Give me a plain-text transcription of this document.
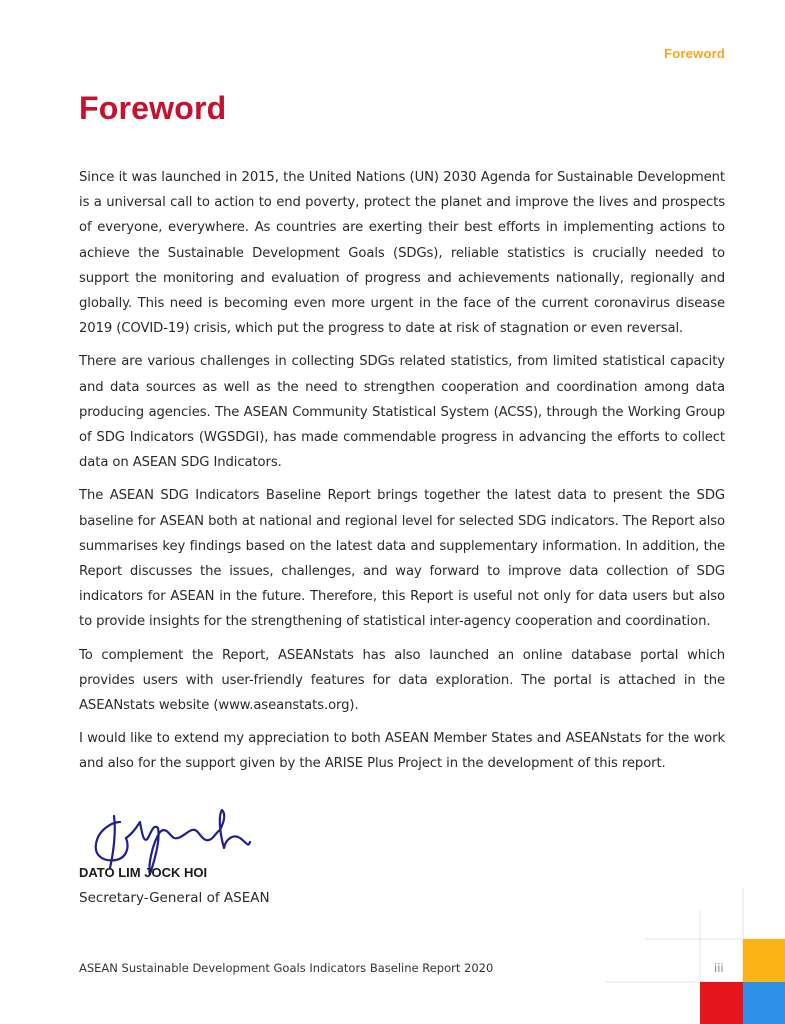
Foreword
Foreword

Since it was launched in 2015, the United Nations (UN) 2030 Agenda for Sustainable Development is a universal call to action to end poverty, protect the planet and improve the lives and prospects of everyone, everywhere. As countries are exerting their best efforts in implementing actions to achieve the Sustainable Development Goals (SDGs), reliable statistics is crucially needed to support the monitoring and evaluation of progress and achievements nationally, regionally and globally. This need is becoming even more urgent in the face of the current coronavirus disease 2019 (COVID-19) crisis, which put the progress to date at risk of stagnation or even reversal.

There are various challenges in collecting SDGs related statistics, from limited statistical capacity and data sources as well as the need to strengthen cooperation and coordination among data producing agencies. The ASEAN Community Statistical System (ACSS), through the Working Group of SDG Indicators (WGSDGI), has made commendable progress in advancing the efforts to collect data on ASEAN SDG Indicators.

The ASEAN SDG Indicators Baseline Report brings together the latest data to present the SDG baseline for ASEAN both at national and regional level for selected SDG indicators. The Report also summarises key findings based on the latest data and supplementary information. In addition, the Report discusses the issues, challenges, and way forward to improve data collection of SDG indicators for ASEAN in the future. Therefore, this Report is useful not only for data users but also to provide insights for the strengthening of statistical inter-agency cooperation and coordination.

To complement the Report, ASEANstats has also launched an online database portal which provides users with user-friendly features for data exploration. The portal is attached in the ASEANstats website (www.aseanstats.org).

I would like to extend my appreciation to both ASEAN Member States and ASEANstats for the work and also for the support given by the ARISE Plus Project in the development of this report.

DATO LIM JOCK HOI
Secretary-General of ASEAN
ASEAN Sustainable Development Goals Indicators Baseline Report 2020	iii
